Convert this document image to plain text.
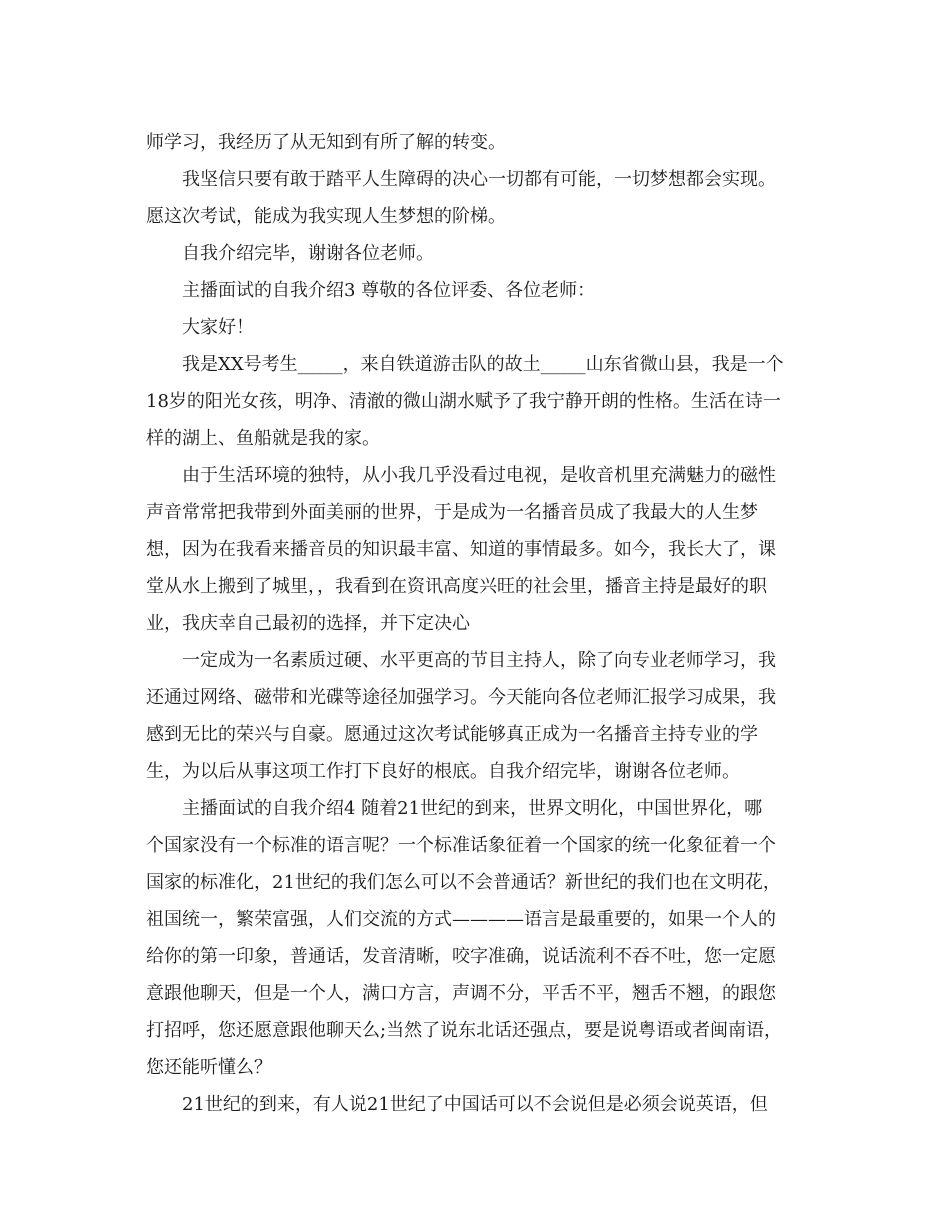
师学习，我经历了从无知到有所了解的转变。
我坚信只要有敢于踏平人生障碍的决心一切都有可能，一切梦想都会实现。
愿这次考试，能成为我实现人生梦想的阶梯。
自我介绍完毕，谢谢各位老师。
主播面试的自我介绍3 尊敬的各位评委、各位老师：
大家好！
我是XX号考生_____，来自铁道游击队的故土_____山东省微山县，我是一个
18岁的阳光女孩，明净、清澈的微山湖水赋予了我宁静开朗的性格。生活在诗一
样的湖上、鱼船就是我的家。
由于生活环境的独特，从小我几乎没看过电视，是收音机里充满魅力的磁性
声音常常把我带到外面美丽的世界，于是成为一名播音员成了我最大的人生梦
想，因为在我看来播音员的知识最丰富、知道的事情最多。如今，我长大了，课
堂从水上搬到了城里，，我看到在资讯高度兴旺的社会里，播音主持是最好的职
业，我庆幸自己最初的选择，并下定决心
一定成为一名素质过硬、水平更高的节目主持人，除了向专业老师学习，我
还通过网络、磁带和光碟等途径加强学习。今天能向各位老师汇报学习成果，我
感到无比的荣兴与自豪。愿通过这次考试能够真正成为一名播音主持专业的学
生，为以后从事这项工作打下良好的根底。自我介绍完毕，谢谢各位老师。
主播面试的自我介绍4 随着21世纪的到来，世界文明化，中国世界化，哪
个国家没有一个标准的语言呢？一个标准话象征着一个国家的统一化象征着一个
国家的标准化，21世纪的我们怎么可以不会普通话？新世纪的我们也在文明花，
祖国统一，繁荣富强，人们交流的方式————语言是最重要的，如果一个人的
给你的第一印象，普通话，发音清晰，咬字准确，说话流利不吞不吐，您一定愿
意跟他聊天，但是一个人，满口方言，声调不分，平舌不平，翘舌不翘，的跟您
打招呼，您还愿意跟他聊天么;当然了说东北话还强点，要是说粤语或者闽南语，
您还能听懂么？
21世纪的到来，有人说21世纪了中国话可以不会说但是必须会说英语，但
